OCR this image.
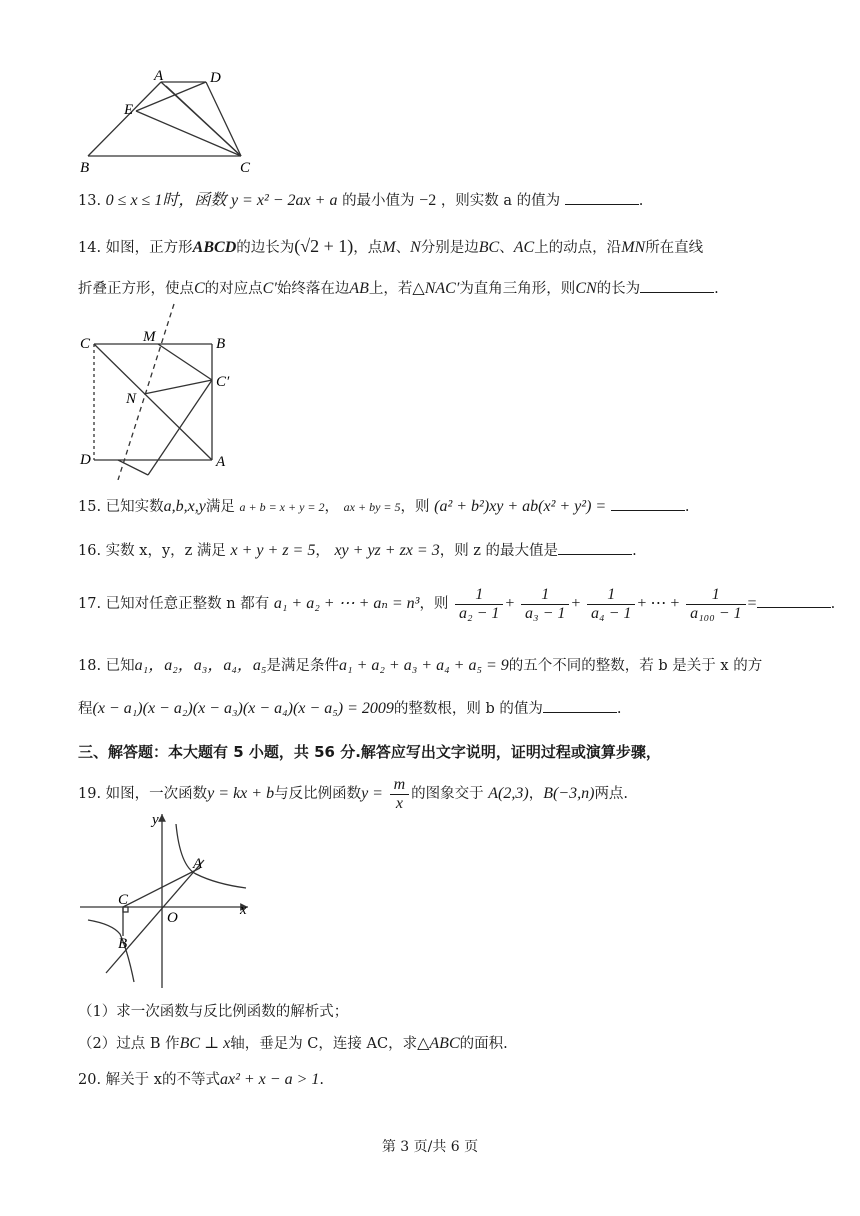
A	D
E
B	C
13. 0 ≤ x ≤ 1时，函数 y = x² − 2ax + a 的最小值为 −2 ，则实数 a 的值为	.
14. 如图，正方形ABCD的边长为(√2 + 1)，点M、N分别是边BC、AC上的动点，沿MN所在直线
折叠正方形，使点C的对应点C′始终落在边AB上，若△NAC′为直角三角形，则CN的长为	.
C	M	B
C′
N
D	A
15. 已知实数a,b,x,y满足 a + b = x + y = 2， ax + by = 5，则 (a² + b²)xy + ab(x² + y²) =	.
16. 实数 x，y，z 满足 x + y + z = 5， xy + yz + zx = 3，则 z 的最大值是	.
17. 已知对任意正整数 n 都有 a₁ + a₂ + ⋯ + aₙ = n³，则 $\frac{1}{\text{a₂ − 1}} + \frac{1}{\text{a₃ − 1}} + \frac{1}{\text{a₄ − 1}}$ + ⋯ + $\frac{1}{\text{a₁₀₀ − 1}}$ =	.
18. 已知a₁，a₂，a₃，a₄，a₅是满足条件a₁ + a₂ + a₃ + a₄ + a₅ = 9的五个不同的整数，若 b 是关于 x 的方
程(x − a₁)(x − a₂)(x − a₃)(x − a₄)(x − a₅) = 2009的整数根，则 b 的值为	.
三、解答题：本大题有 5 小题，共 56 分.解答应写出文字说明，证明过程或演算步骤，
19. 如图，一次函数y = kx + b与反比例函数$y = \frac{m}{x}$ 的图象交于 A(2,3)，B(−3,n)两点.
y
x
A
C
O
B
（1）求一次函数与反比例函数的解析式；
（2）过点 B 作BC ⊥ x轴，垂足为 C，连接 AC，求△ABC的面积.
20. 解关于 x的不等式ax² + x − a > 1.
第 3 页/共 6 页
